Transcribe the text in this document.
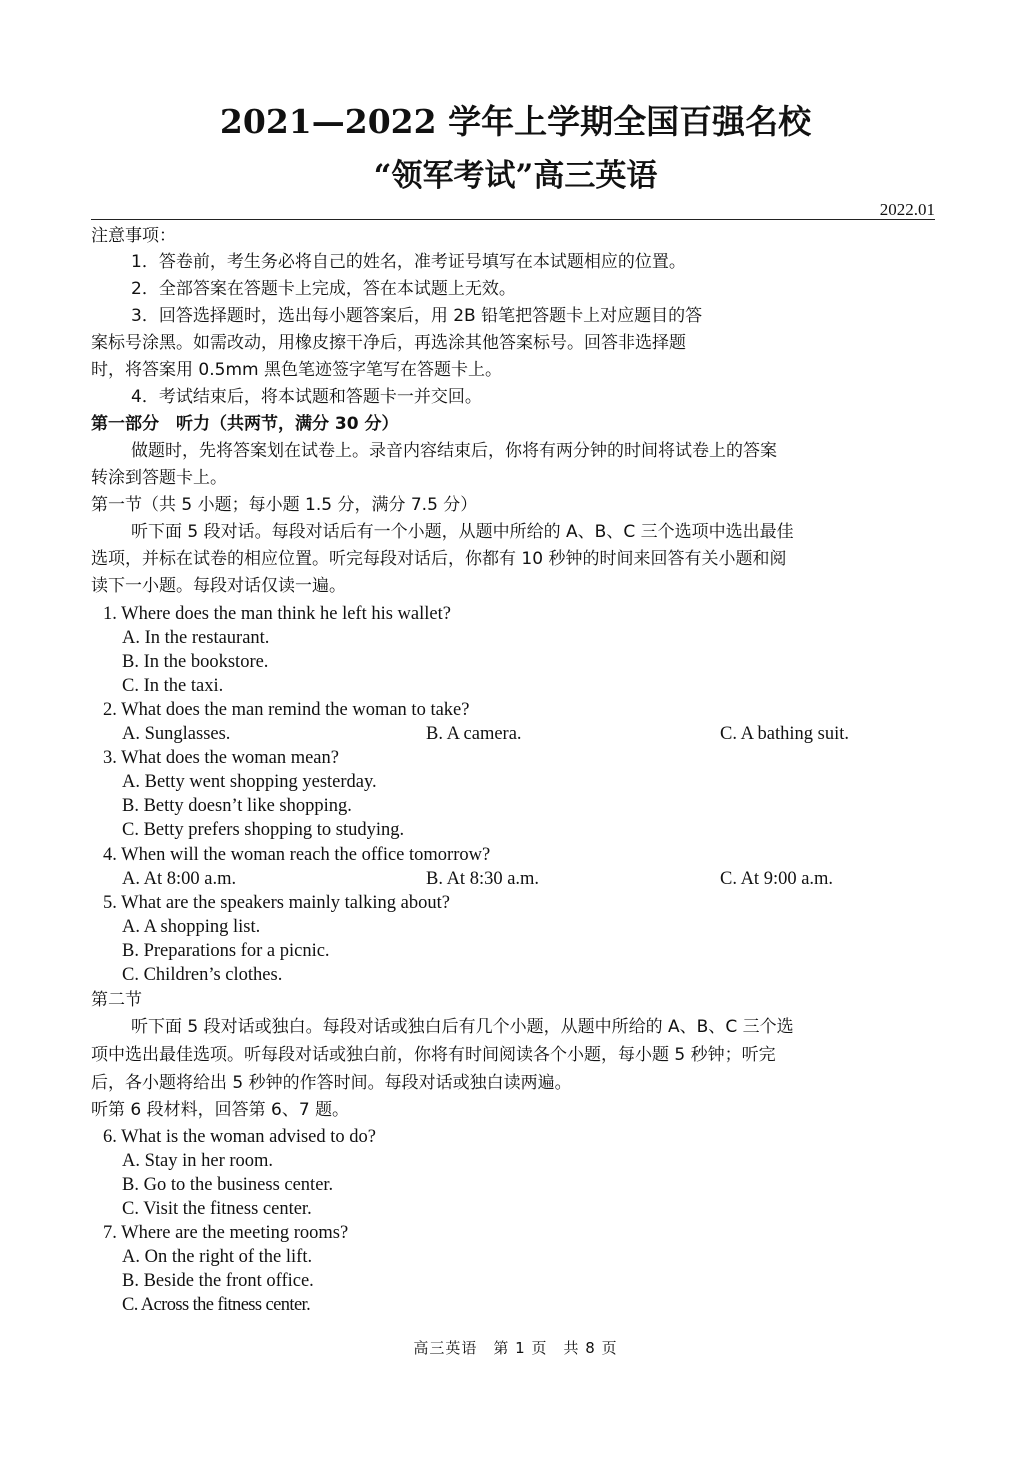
2021—2022 学年上学期全国百强名校
“领军考试”高三英语
2022.01
注意事项：
1．答卷前，考生务必将自己的姓名，准考证号填写在本试题相应的位置。
2．全部答案在答题卡上完成，答在本试题上无效。
3．回答选择题时，选出每小题答案后，用 2B 铅笔把答题卡上对应题目的答
案标号涂黑。如需改动，用橡皮擦干净后，再选涂其他答案标号。回答非选择题
时，将答案用 0.5mm 黑色笔迹签字笔写在答题卡上。
4．考试结束后，将本试题和答题卡一并交回。
第一部分　听力（共两节，满分 30 分）
做题时，先将答案划在试卷上。录音内容结束后，你将有两分钟的时间将试卷上的答案
转涂到答题卡上。
第一节（共 5 小题；每小题 1.5 分，满分 7.5 分）
听下面 5 段对话。每段对话后有一个小题，从题中所给的 A、B、C 三个选项中选出最佳
选项，并标在试卷的相应位置。听完每段对话后，你都有 10 秒钟的时间来回答有关小题和阅
读下一小题。每段对话仅读一遍。
1. Where does the man think he left his wallet?
A. In the restaurant.
B. In the bookstore.
C. In the taxi.
2. What does the man remind the woman to take?
A. Sunglasses.	B. A camera.	C. A bathing suit.
3. What does the woman mean?
A. Betty went shopping yesterday.
B. Betty doesn’t like shopping.
C. Betty prefers shopping to studying.
4. When will the woman reach the office tomorrow?
A. At 8:00 a.m.	B. At 8:30 a.m.	C. At 9:00 a.m.
5. What are the speakers mainly talking about?
A. A shopping list.
B. Preparations for a picnic.
C. Children’s clothes.
第二节
听下面 5 段对话或独白。每段对话或独白后有几个小题，从题中所给的 A、B、C 三个选
项中选出最佳选项。听每段对话或独白前，你将有时间阅读各个小题，每小题 5 秒钟；听完
后，各小题将给出 5 秒钟的作答时间。每段对话或独白读两遍。
听第 6 段材料，回答第 6、7 题。
6. What is the woman advised to do?
A. Stay in her room.
B. Go to the business center.
C. Visit the fitness center.
7. Where are the meeting rooms?
A. On the right of the lift.
B. Beside the front office.
C. Across the fitness center.
高三英语　第 1 页　共 8 页
